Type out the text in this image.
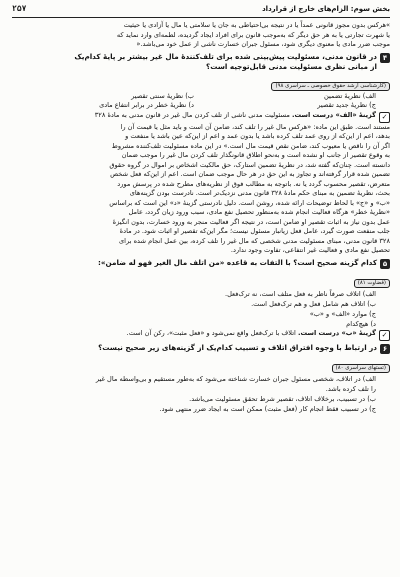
بخش سوم: الزام‌های خارج از قرارداد
۲۵۷

»هرکس بدون مجوز قانونی عمداً یا در نتیجه بی‌احتیاطی به جان یا سلامتی یا مال یا آزادی یا حیثیت

یا شهرت تجارتی یا به هر حق دیگر که به‌موجب قانون برای افراد ایجاد گردیده، لطمه‌ای وارد نماید که

موجب ضرر مادی یا معنوی دیگری شود، مسئول جبران خسارت ناشی از عمل خود می‌باشد.«

۴
در قانون مدنی، مسئولیت پیش‌بینی شده برای تلف‌کنندهٔ مال غیر بیشتر بر پایهٔ کدام‌یک
از مبانی نظری مسئولیت مدنی قابل‌توجیه است؟
(کارشناسی ارشد حقوق خصوصی ـ سراسری ۹۸)
الف) نظریهٔ تضمین
ب) نظریهٔ سنتی تقصیر
ج) نظریهٔ جدید تقصیر
د) نظریهٔ خطر در برابر انتفاع مادی
✓

گزینهٔ «الف» درست است. مسئولیت مدنی ناشی از تلف کردن مال غیر در قانون مدنی به مادهٔ ۳۲۸

مستند است. طبق این ماده: «هرکس مال غیر را تلف کند، ضامن آن است و باید مثل یا قیمت آن را

بدهد، اعم از این‌که از روی عمد تلف کرده باشد یا بدون عمد و اعم از این‌که عین باشد یا منفعت و

اگر آن را ناقص یا معیوب کند، ضامن نقص قیمت مال است.» در این ماده مسئولیت تلف‌کننده مشروط

به وقوع تقصیر از جانب او نشده است و به‌نحو اطلاق قانونگذار تلف کردن مال غیر را موجب ضمان

دانسته است. چنان‌که گفته شد، در نظریهٔ تضمین استارک، حق مالکیت اشخاص بر اموال در گروه حقوق

تضمین شده قرار گرفته‌اند و تجاوز به این حق در هر حال موجب ضمان است. اعم از این‌که فعل شخص

متعرض، تقصیر محسوب گردد یا نه. باتوجه به مطالب فوق از نظریه‌های مطرح شده در پرسش مورد

بحث، نظریهٔ تضمین به مبنای حکم مادهٔ ۳۲۸ قانون مدنی نزدیک‌تر است. نادرست بودن گزینه‌های

«ب» و «ج» با لحاظ توضیحات ارائه شده، روشن است. دلیل نادرستی گزینهٔ «د» این است که براساس

«نظریهٔ خطر» هرگاه فعالیت انجام شده به‌منظور تحصیل نفع مادی، سبب ورود زیان گردد، عامل

عمل بدون نیاز به اثبات تقصیر او ضامن است، در نتیجه اگر فعالیت منجر به ورود خسارت، بدون انگیزهٔ

جلب منفعت صورت گیرد، عامل فعل زیانبار مسئول نیست؛ مگر این‌که تقصیر او اثبات شود. در مادهٔ

۳۲۸ قانون مدنی، مبنای مسئولیت مدنی شخصی که مال غیر را تلف کرده، بین عمل انجام شده برای

تحصیل نفع مادی و فعالیت غیر انتفاعی، تفاوت وجود ندارد.

۵
کدام گزینه صحیح است؟ با التفات به قاعده «من اتلف مال الغیر فهو له ضامن»:
(قضاوت ۸۱)
الف) اتلاف صرفاً ناظر به فعل متلف است، نه ترک‌فعل.
ب) اتلاف هم شامل فعل و هم ترک‌فعل است.
ج) موارد «الف» و «ب»
د) هیچ‌کدام
✓

گزینهٔ «ب» درست است. اتلاف با ترک‌فعل واقع نمی‌شود و «فعل مثبت»، رکن آن است.

۶
در ارتباط با وجوه افتراق اتلاف و تسبیب کدام‌یک از گزینه‌های زیر صحیح نیست؟
(تستهای سراسری ۸۰)
الف) در اتلاف، شخصی مسئول جبران خسارت شناخته می‌شود که به‌طور مستقیم و بی‌واسطه مال غیر
را تلف کرده باشد.
ب) در تسبیب، برخلاف اتلاف، تقصیر شرط تحقق مسئولیت می‌باشد.
ج) در تسبیب فقط انجام کار (فعل مثبت) ممکن است به ایجاد ضرر منتهی شود.
